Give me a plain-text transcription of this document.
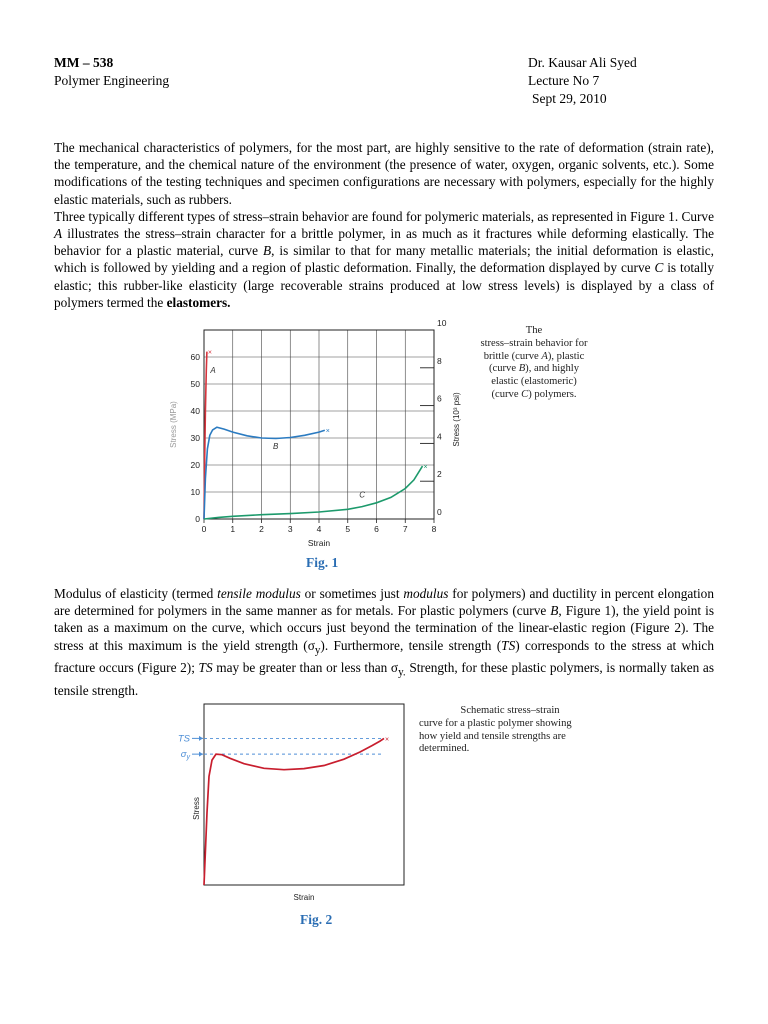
MM – 538
Polymer Engineering
Dr. Kausar Ali Syed
Lecture No 7
Sept 29, 2010

The mechanical characteristics of polymers, for the most part, are highly sensitive to the rate of deformation (strain rate), the temperature, and the chemical nature of the environment (the presence of water, oxygen, organic solvents, etc.). Some modifications of the testing techniques and specimen configurations are necessary with polymers, especially for the highly elastic materials, such as rubbers.

Three typically different types of stress–strain behavior are found for polymeric materials, as represented in Figure 1. Curve A illustrates the stress–strain character for a brittle polymer, in as much as it fractures while deforming elastically. The behavior for a plastic material, curve B, is similar to that for many metallic materials; the initial deformation is elastic, which is followed by yielding and a region of plastic deformation. Finally, the deformation displayed by curve C is totally elastic; this rubber-like elasticity (large recoverable strains produced at low stress levels) is displayed by a class of polymers termed the elastomers.

0	1	2	3	4	5	6	7	8
0
10
20
30
40
50
60
0
2
4
6
8
10
Strain
Stress (MPa)	Stress (10³ psi)
×
A
×
B
×
C
The
stress–strain behavior for
brittle (curve A), plastic
(curve B), and highly
elastic (elastomeric)
(curve C) polymers.
Fig. 1

Modulus of elasticity (termed tensile modulus or sometimes just modulus for polymers) and ductility in percent elongation are determined for polymers in the same manner as for metals. For plastic polymers (curve B, Figure 1), the yield point is taken as a maximum on the curve, which occurs just beyond the termination of the linear-elastic region (Figure 2). The stress at this maximum is the yield strength $(\sigma_y)$. Furthermore, tensile strength (TS) corresponds to the stress at which fracture occurs (Figure 2); TS may be greater than or less than $\sigma_{y.}$ Strength, for these plastic polymers, is normally taken as tensile strength.

Schematic stress–strain
curve for a plastic polymer showing
how yield and tensile strengths are
determined.
TS
$\sigma_y$
×
Strain
Stress
Fig. 2
